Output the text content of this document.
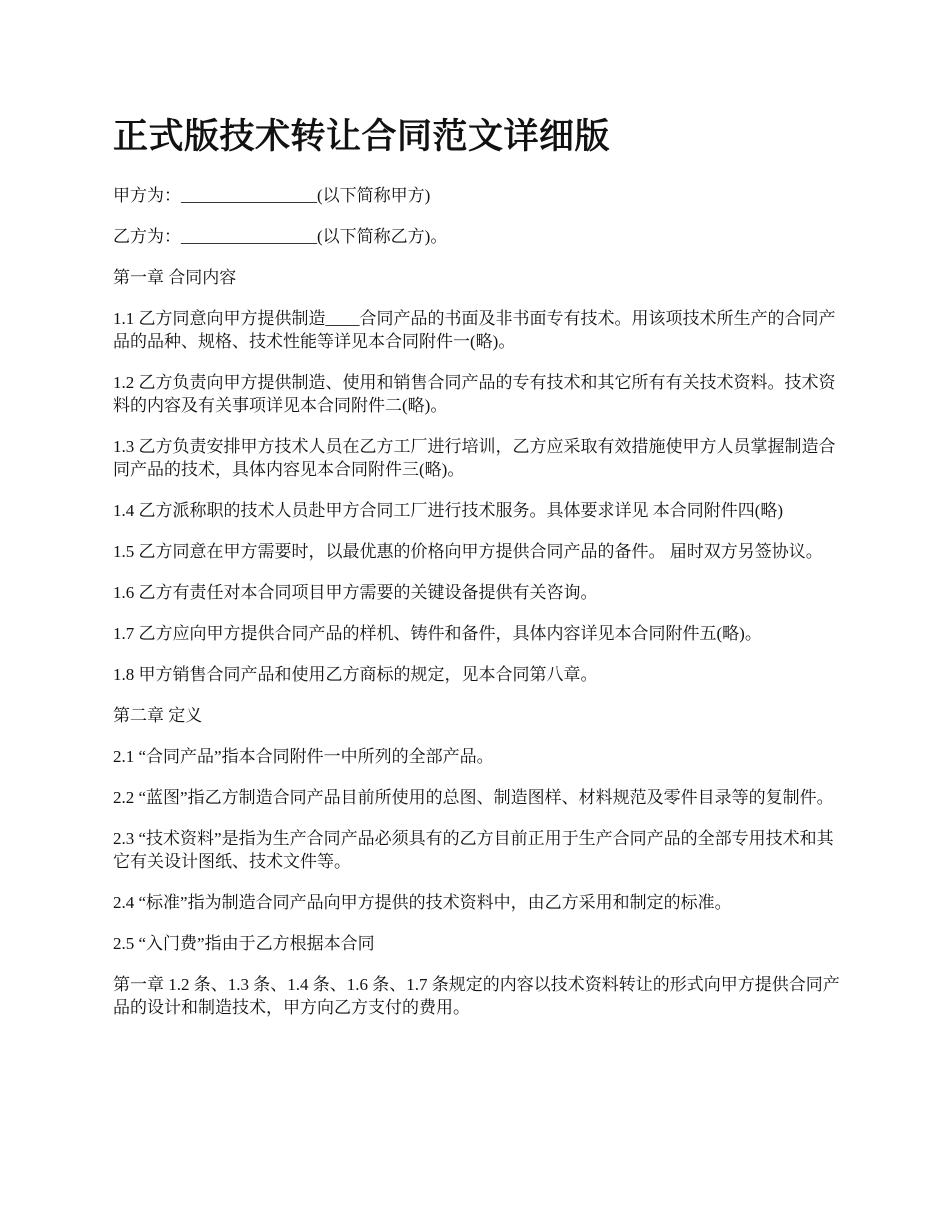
正式版技术转让合同范文详细版

甲方为：________________(以下简称甲方)

乙方为：________________(以下简称乙方)。

第一章 合同内容

1.1 乙方同意向甲方提供制造____合同产品的书面及非书面专有技术。用该项技术所生产的合同产品的品种、规格、技术性能等详见本合同附件一(略)。

1.2 乙方负责向甲方提供制造、使用和销售合同产品的专有技术和其它所有有关技术资料。技术资料的内容及有关事项详见本合同附件二(略)。

1.3 乙方负责安排甲方技术人员在乙方工厂进行培训，乙方应采取有效措施使甲方人员掌握制造合同产品的技术，具体内容见本合同附件三(略)。

1.4 乙方派称职的技术人员赴甲方合同工厂进行技术服务。具体要求详见 本合同附件四(略)

1.5 乙方同意在甲方需要时，以最优惠的价格向甲方提供合同产品的备件。 届时双方另签协议。

1.6 乙方有责任对本合同项目甲方需要的关键设备提供有关咨询。

1.7 乙方应向甲方提供合同产品的样机、铸件和备件，具体内容详见本合同附件五(略)。

1.8 甲方销售合同产品和使用乙方商标的规定，见本合同第八章。

第二章 定义

2.1 “合同产品”指本合同附件一中所列的全部产品。

2.2 “蓝图”指乙方制造合同产品目前所使用的总图、制造图样、材料规范及零件目录等的复制件。

2.3 “技术资料”是指为生产合同产品必须具有的乙方目前正用于生产合同产品的全部专用技术和其它有关设计图纸、技术文件等。

2.4 “标准”指为制造合同产品向甲方提供的技术资料中，由乙方采用和制定的标准。

2.5 “入门费”指由于乙方根据本合同

第一章 1.2 条、1.3 条、1.4 条、1.6 条、1.7 条规定的内容以技术资料转让的形式向甲方提供合同产品的设计和制造技术，甲方向乙方支付的费用。
